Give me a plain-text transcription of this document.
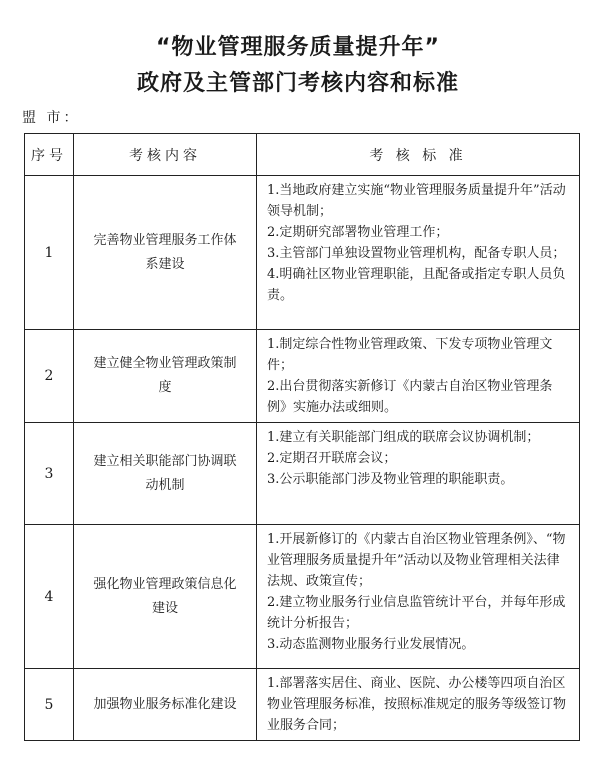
“物业管理服务质量提升年”
政府及主管部门考核内容和标准
盟 市：
序号	考核内容	考 核 标 准
1	完善物业管理服务工作体系建设	1.当地政府建立实施“物业管理服务质量提升年”活动领导机制；
2.定期研究部署物业管理工作；
3.主管部门单独设置物业管理机构，配备专职人员；
4.明确社区物业管理职能，且配备或指定专职人员负责。

2	建立健全物业管理政策制度	1.制定综合性物业管理政策、下发专项物业管理文件；
2.出台贯彻落实新修订《内蒙古自治区物业管理条例》实施办法或细则。

3	建立相关职能部门协调联动机制	1.建立有关职能部门组成的联席会议协调机制；
2.定期召开联席会议；
3.公示职能部门涉及物业管理的职能职责。

4	强化物业管理政策信息化建设	1.开展新修订的《内蒙古自治区物业管理条例》、“物业管理服务质量提升年”活动以及物业管理相关法律法规、政策宣传；
2.建立物业服务行业信息监管统计平台，并每年形成统计分析报告；
3.动态监测物业服务行业发展情况。

5	加强物业服务标准化建设	1.部署落实居住、商业、医院、办公楼等四项自治区物业管理服务标准，按照标准规定的服务等级签订物业服务合同；
